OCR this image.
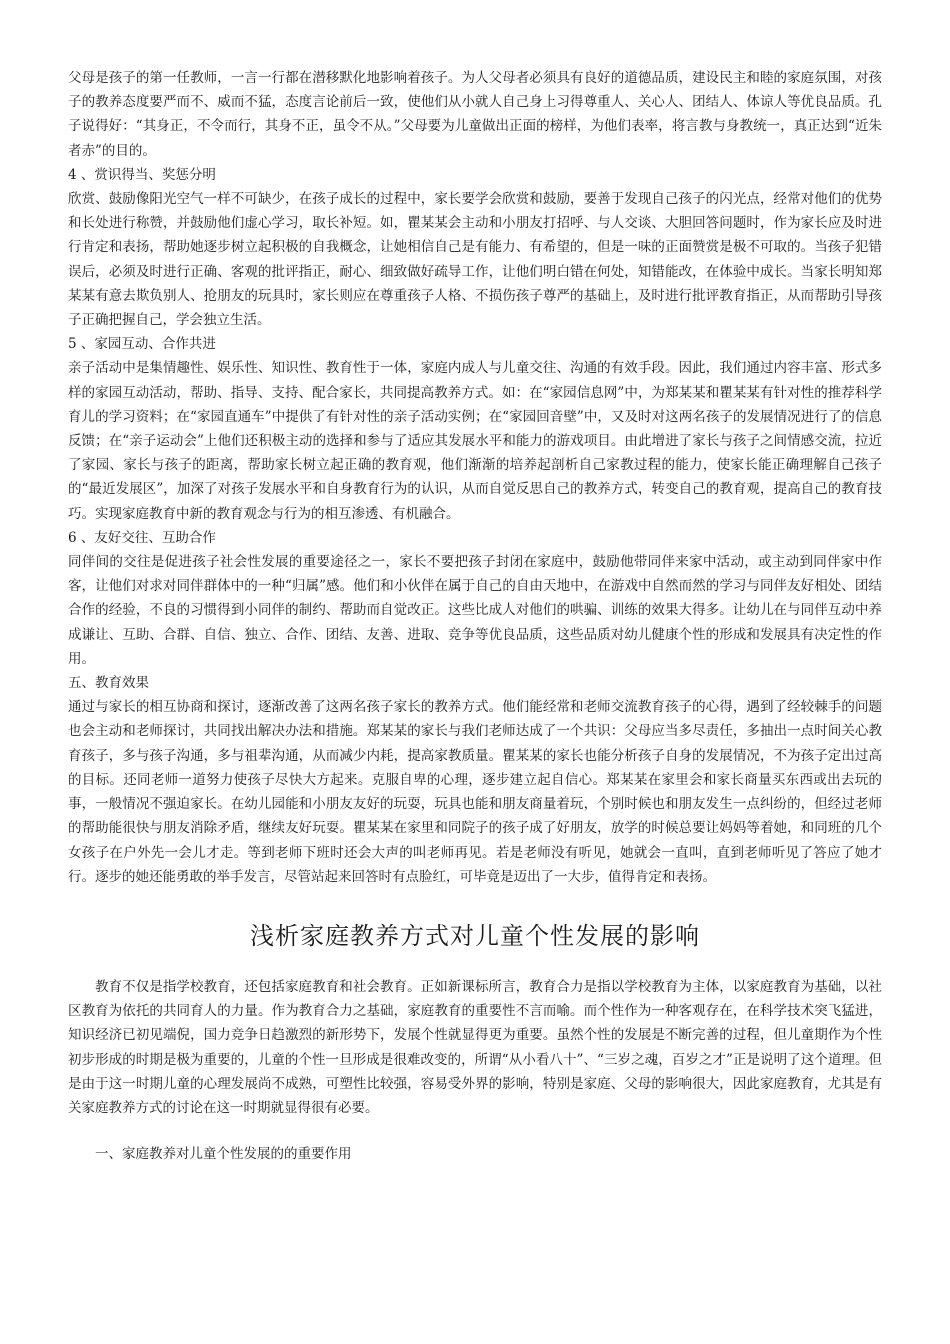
父母是孩子的第一任教师，一言一行都在潜移默化地影响着孩子。为人父母者必须具有良好的道德品质，建设民主和睦的家庭氛围，对孩子的教养态度要严而不、威而不猛，态度言论前后一致，使他们从小就人自己身上习得尊重人、关心人、团结人、体谅人等优良品质。孔子说得好：“其身正，不令而行，其身不正，虽令不从。”父母要为儿童做出正面的榜样，为他们表率，将言教与身教统一，真正达到“近朱者赤”的目的。

4 、赏识得当、奖惩分明

欣赏、鼓励像阳光空气一样不可缺少，在孩子成长的过程中，家长要学会欣赏和鼓励，要善于发现自己孩子的闪光点，经常对他们的优势和长处进行称赞，并鼓励他们虚心学习，取长补短。如，瞿某某会主动和小朋友打招呼、与人交谈、大胆回答问题时，作为家长应及时进行肯定和表扬，帮助她逐步树立起积极的自我概念，让她相信自己是有能力、有希望的，但是一味的正面赞赏是极不可取的。当孩子犯错误后，必须及时进行正确、客观的批评指正，耐心、细致做好疏导工作，让他们明白错在何处，知错能改，在体验中成长。当家长明知郑某某有意去欺负别人、抢朋友的玩具时，家长则应在尊重孩子人格、不损伤孩子尊严的基础上，及时进行批评教育指正，从而帮助引导孩子正确把握自己，学会独立生活。

5 、家园互动、合作共进

亲子活动中是集情趣性、娱乐性、知识性、教育性于一体，家庭内成人与儿童交往、沟通的有效手段。因此，我们通过内容丰富、形式多样的家园互动活动，帮助、指导、支持、配合家长，共同提高教养方式。如：在“家园信息网”中，为郑某某和瞿某某有针对性的推荐科学育儿的学习资料；在“家园直通车”中提供了有针对性的亲子活动实例；在“家园回音壁”中，又及时对这两名孩子的发展情况进行了的信息反馈；在“亲子运动会”上他们还积极主动的选择和参与了适应其发展水平和能力的游戏项目。由此增进了家长与孩子之间情感交流，拉近了家园、家长与孩子的距离，帮助家长树立起正确的教育观，他们渐渐的培养起剖析自己家教过程的能力，使家长能正确理解自己孩子的“最近发展区”，加深了对孩子发展水平和自身教育行为的认识，从而自觉反思自己的教养方式，转变自己的教育观，提高自己的教育技巧。实现家庭教育中新的教育观念与行为的相互渗透、有机融合。

6 、友好交往、互助合作

同伴间的交往是促进孩子社会性发展的重要途径之一，家长不要把孩子封闭在家庭中，鼓励他带同伴来家中活动，或主动到同伴家中作客，让他们对求对同伴群体中的一种“归属”感。他们和小伙伴在属于自己的自由天地中，在游戏中自然而然的学习与同伴友好相处、团结合作的经验，不良的习惯得到小同伴的制约、帮助而自觉改正。这些比成人对他们的哄骗、训练的效果大得多。让幼儿在与同伴互动中养成谦让、互助、合群、自信、独立、合作、团结、友善、进取、竞争等优良品质，这些品质对幼儿健康个性的形成和发展具有决定性的作用。

五、教育效果

通过与家长的相互协商和探讨，逐渐改善了这两名孩子家长的教养方式。他们能经常和老师交流教育孩子的心得，遇到了经较棘手的问题也会主动和老师探讨，共同找出解决办法和措施。郑某某的家长与我们老师达成了一个共识：父母应当多尽责任，多抽出一点时间关心教育孩子，多与孩子沟通，多与祖辈沟通，从而减少内耗，提高家教质量。瞿某某的家长也能分析孩子自身的发展情况，不为孩子定出过高的目标。还同老师一道努力使孩子尽快大方起来。克服自卑的心理，逐步建立起自信心。郑某某在家里会和家长商量买东西或出去玩的事，一般情况不强迫家长。在幼儿园能和小朋友友好的玩耍，玩具也能和朋友商量着玩，个别时候也和朋友发生一点纠纷的，但经过老师的帮助能很快与朋友消除矛盾，继续友好玩耍。瞿某某在家里和同院子的孩子成了好朋友，放学的时候总要让妈妈等着她，和同班的几个女孩子在户外先一会儿才走。等到老师下班时还会大声的叫老师再见。若是老师没有听见，她就会一直叫，直到老师听见了答应了她才行。逐步的她还能勇敢的举手发言，尽管站起来回答时有点脸红，可毕竟是迈出了一大步，值得肯定和表扬。

浅析家庭教养方式对儿童个性发展的影响

教育不仅是指学校教育，还包括家庭教育和社会教育。正如新课标所言，教育合力是指以学校教育为主体，以家庭教育为基础，以社区教育为依托的共同育人的力量。作为教育合力之基础，家庭教育的重要性不言而喻。而个性作为一种客观存在，在科学技术突飞猛进，知识经济已初见端倪，国力竞争日趋激烈的新形势下，发展个性就显得更为重要。虽然个性的发展是不断完善的过程，但儿童期作为个性初步形成的时期是极为重要的，儿童的个性一旦形成是很难改变的，所谓“从小看八十”、“三岁之魂，百岁之才”正是说明了这个道理。但是由于这一时期儿童的心理发展尚不成熟，可塑性比较强，容易受外界的影响，特别是家庭、父母的影响很大，因此家庭教育，尤其是有关家庭教养方式的讨论在这一时期就显得很有必要。

一、家庭教养对儿童个性发展的的重要作用
